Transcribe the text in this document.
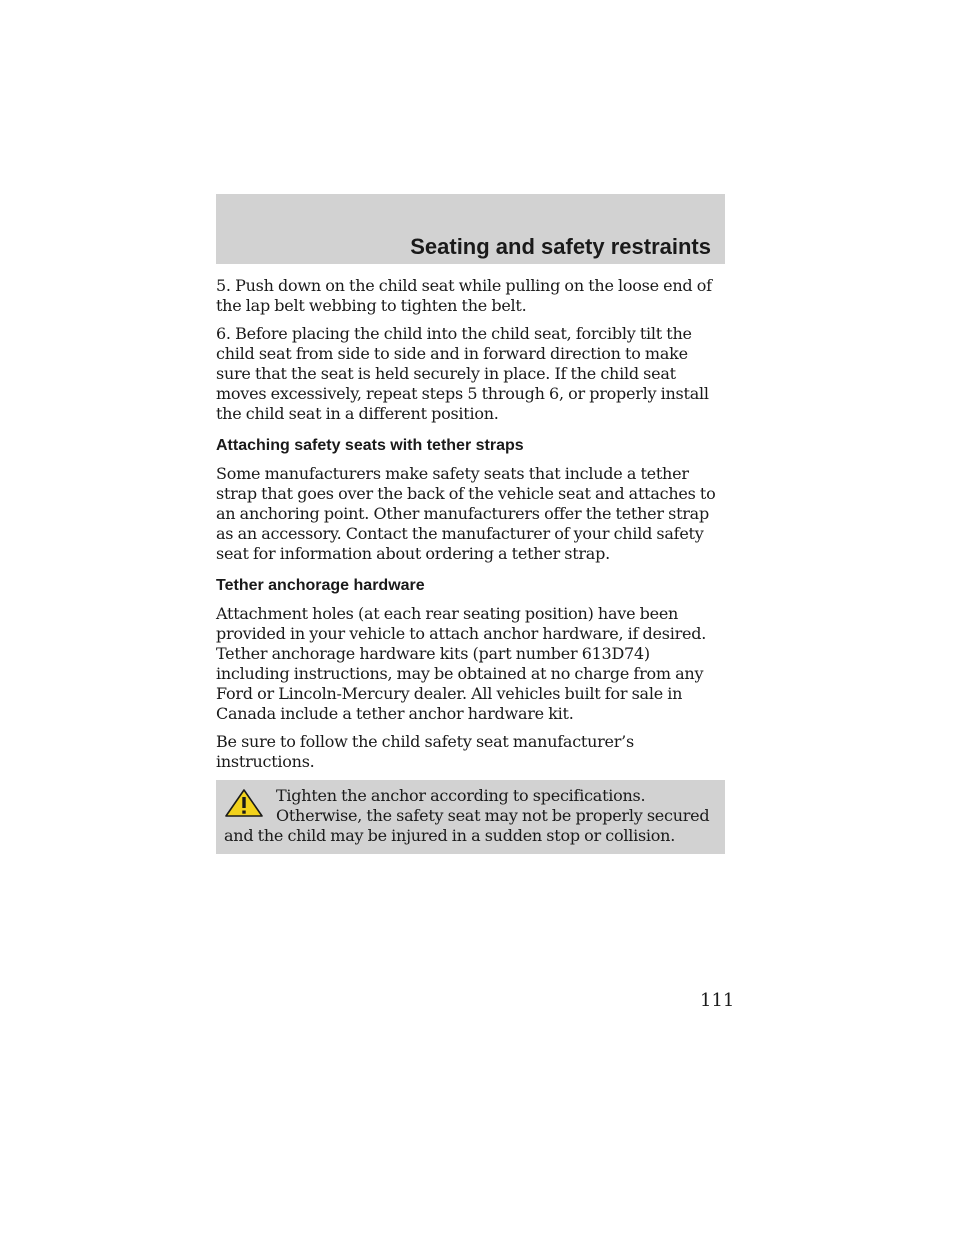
Seating and safety restraints

5. Push down on the child seat while pulling on the loose end of the lap belt webbing to tighten the belt.

6. Before placing the child into the child seat, forcibly tilt the child seat from side to side and in forward direction to make sure that the seat is held securely in place. If the child seat moves excessively, repeat steps 5 through 6, or properly install the child seat in a different position.

Attaching safety seats with tether straps

Some manufacturers make safety seats that include a tether strap that goes over the back of the vehicle seat and attaches to an anchoring point. Other manufacturers offer the tether strap as an accessory. Contact the manufacturer of your child safety seat for information about ordering a tether strap.

Tether anchorage hardware

Attachment holes (at each rear seating position) have been provided in your vehicle to attach anchor hardware, if desired. Tether anchorage hardware kits (part number 613D74) including instructions, may be obtained at no charge from any Ford or Lincoln-Mercury dealer. All vehicles built for sale in Canada include a tether anchor hardware kit.

Be sure to follow the child safety seat manufacturer’s instructions.

Tighten the anchor according to specifications. Otherwise, the safety seat may not be properly secured and the child may be injured in a sudden stop or collision.
111
